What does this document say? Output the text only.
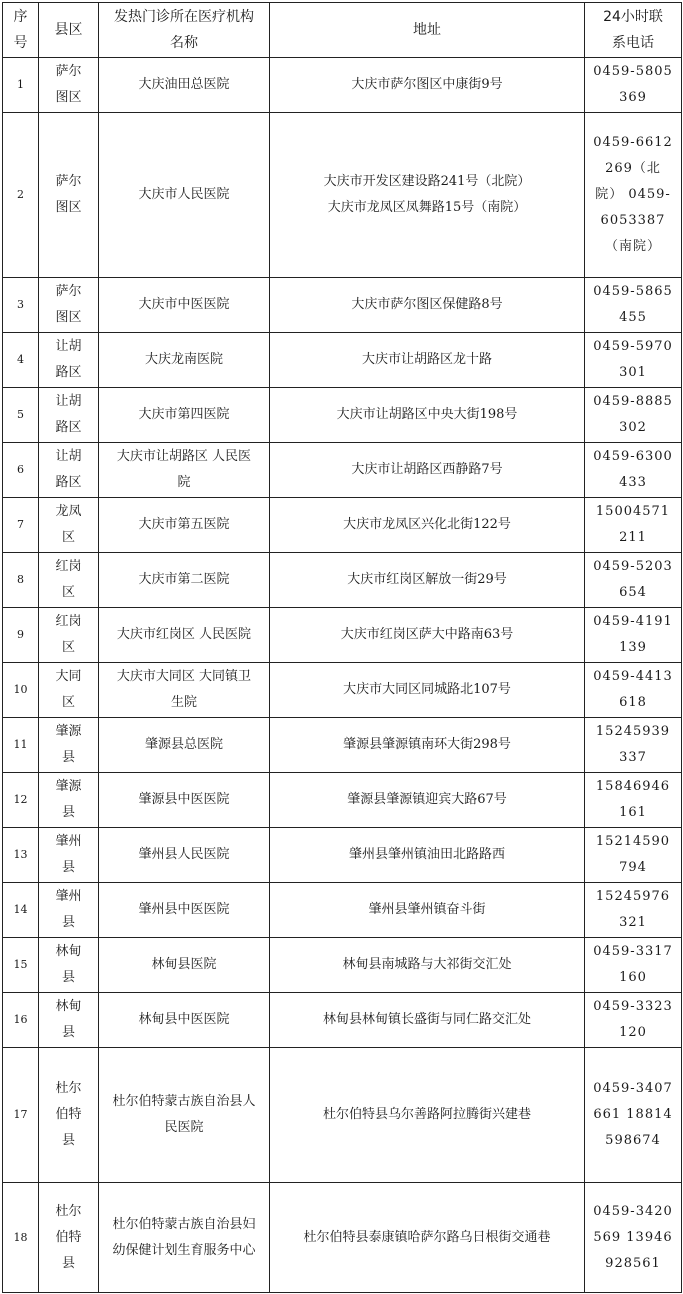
序号	县区	发热门诊所在医疗机构名称	地址	24小时联系电话
1	萨尔图区	大庆油田总医院	大庆市萨尔图区中康街9号	0459-5805369
2	萨尔图区	大庆市人民医院	大庆市开发区建设路241号（北院）
大庆市龙凤区凤舞路15号（南院）	0459-6612269（北院） 0459-6053387（南院）
3	萨尔图区	大庆市中医医院	大庆市萨尔图区保健路8号	0459-5865455
4	让胡路区	大庆龙南医院	大庆市让胡路区龙十路	0459-5970301
5	让胡路区	大庆市第四医院	大庆市让胡路区中央大街198号	0459-8885302
6	让胡路区	大庆市让胡路区 人民医院	大庆市让胡路区西静路7号	0459-6300433
7	龙凤区	大庆市第五医院	大庆市龙凤区兴化北街122号	15004571211
8	红岗区	大庆市第二医院	大庆市红岗区解放一街29号	0459-5203654
9	红岗区	大庆市红岗区 人民医院	大庆市红岗区萨大中路南63号	0459-4191139
10	大同区	大庆市大同区 大同镇卫生院	大庆市大同区同城路北107号	0459-4413618
11	肇源县	肇源县总医院	肇源县肇源镇南环大街298号	15245939337
12	肇源县	肇源县中医医院	肇源县肇源镇迎宾大路67号	15846946161
13	肇州县	肇州县人民医院	肇州县肇州镇油田北路路西	15214590794
14	肇州县	肇州县中医医院	肇州县肇州镇奋斗街	15245976321
15	林甸县	林甸县医院	林甸县南城路与大祁街交汇处	0459-3317160
16	林甸县	林甸县中医医院	林甸县林甸镇长盛街与同仁路交汇处	0459-3323120
17	杜尔伯特县	杜尔伯特蒙古族自治县人民医院	杜尔伯特县乌尔善路阿拉腾街兴建巷	0459-3407661 18814598674
18	杜尔伯特县	杜尔伯特蒙古族自治县妇幼保健计划生育服务中心	杜尔伯特县泰康镇哈萨尔路乌日根街交通巷	0459-3420569 13946928561
